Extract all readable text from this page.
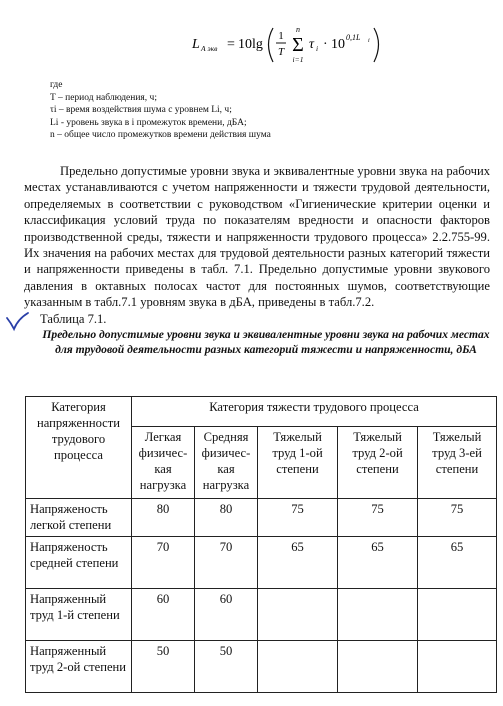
L A экв = 10lg
1
T
n
Σ
i=1
τ i · 10 0,1L i
где
T – период наблюдения, ч;
τi – время воздействия шума с уровнем Li, ч;
Li - уровень звука в i промежуток времени, дБА;
n – общее число промежутков времени действия шума

Предельно допустимые уровни звука и эквивалентные уровни звука на рабочих местах устанавливаются с учетом напряженности и тяжести трудовой деятельности, определяемых в соответствии с руководством «Гигиенические критерии оценки и классификация условий труда по показателям вредности и опасности факторов производственной среды, тяжести и напряженности трудового процесса» 2.2.755-99. Их значения на рабочих местах для трудовой деятельности разных категорий тяжести и напряженности приведены в табл. 7.1. Предельно допустимые уровни звукового давления в октавных полосах частот для постоянных шумов, соответствующие указанным в табл.7.1 уровням звука в дБА, приведены в табл.7.2.

Таблица 7.1.
Предельно допустимые уровни звука и эквивалентные уровни звука на рабочих местах для трудовой деятельности разных категорий тяжести и напряженности, дБА
Категория напряженности трудового процесса	Категория тяжести трудового процесса				
	Легкая физичес-кая нагрузка	Средняя физичес-кая нагрузка	Тяжелый труд 1-ой степени	Тяжелый труд 2-ой степени	Тяжелый труд 3-ей степени
Напряженость легкой степени	80	80	75	75	75
Напряженость средней степени	70	70	65	65	65
Напряженный труд 1-й степени	60	60			
Напряженный труд 2-ой степени	50	50			
